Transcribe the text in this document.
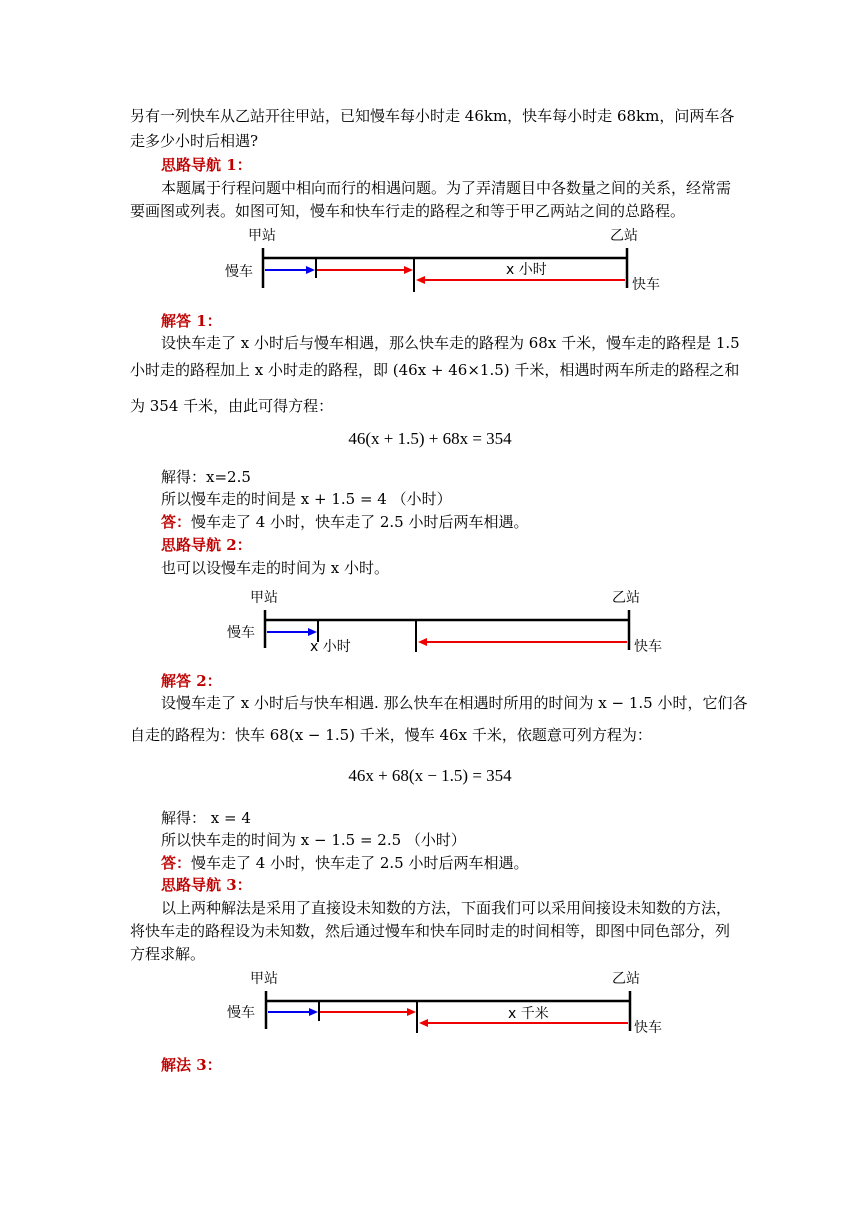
另有一列快车从乙站开往甲站，已知慢车每小时走 46km，快车每小时走 68km，问两车各
走多少小时后相遇?
思路导航 1：
本题属于行程问题中相向而行的相遇问题。为了弄清题目中各数量之间的关系，经常需
要画图或列表。如图可知，慢车和快车行走的路程之和等于甲乙两站之间的总路程。
甲站	乙站
慢车
快车
x 小时
解答 1：
设快车走了 x 小时后与慢车相遇，那么快车走的路程为 68x 千米，慢车走的路程是 1.5
小时走的路程加上 x 小时走的路程，即 (46x + 46×1.5) 千米，相遇时两车所走的路程之和
为 354 千米，由此可得方程：
46(x + 1.5) + 68x = 354
解得：x=2.5
所以慢车走的时间是 x + 1.5 = 4 （小时）
答：慢车走了 4 小时，快车走了 2.5 小时后两车相遇。
思路导航 2：
也可以设慢车走的时间为 x 小时。
甲站	乙站
慢车
快车
x 小时
解答 2：
设慢车走了 x 小时后与快车相遇. 那么快车在相遇时所用的时间为 x − 1.5 小时，它们各
自走的路程为：快车 68(x − 1.5) 千米，慢车 46x 千米，依题意可列方程为：
46x + 68(x − 1.5) = 354
解得： x = 4
所以快车走的时间为 x − 1.5 = 2.5 （小时）
答：慢车走了 4 小时，快车走了 2.5 小时后两车相遇。
思路导航 3：
以上两种解法是采用了直接设未知数的方法，下面我们可以采用间接设未知数的方法，
将快车走的路程设为未知数，然后通过慢车和快车同时走的时间相等，即图中同色部分，列
方程求解。
甲站	乙站
慢车
快车
x 千米
解法 3：
